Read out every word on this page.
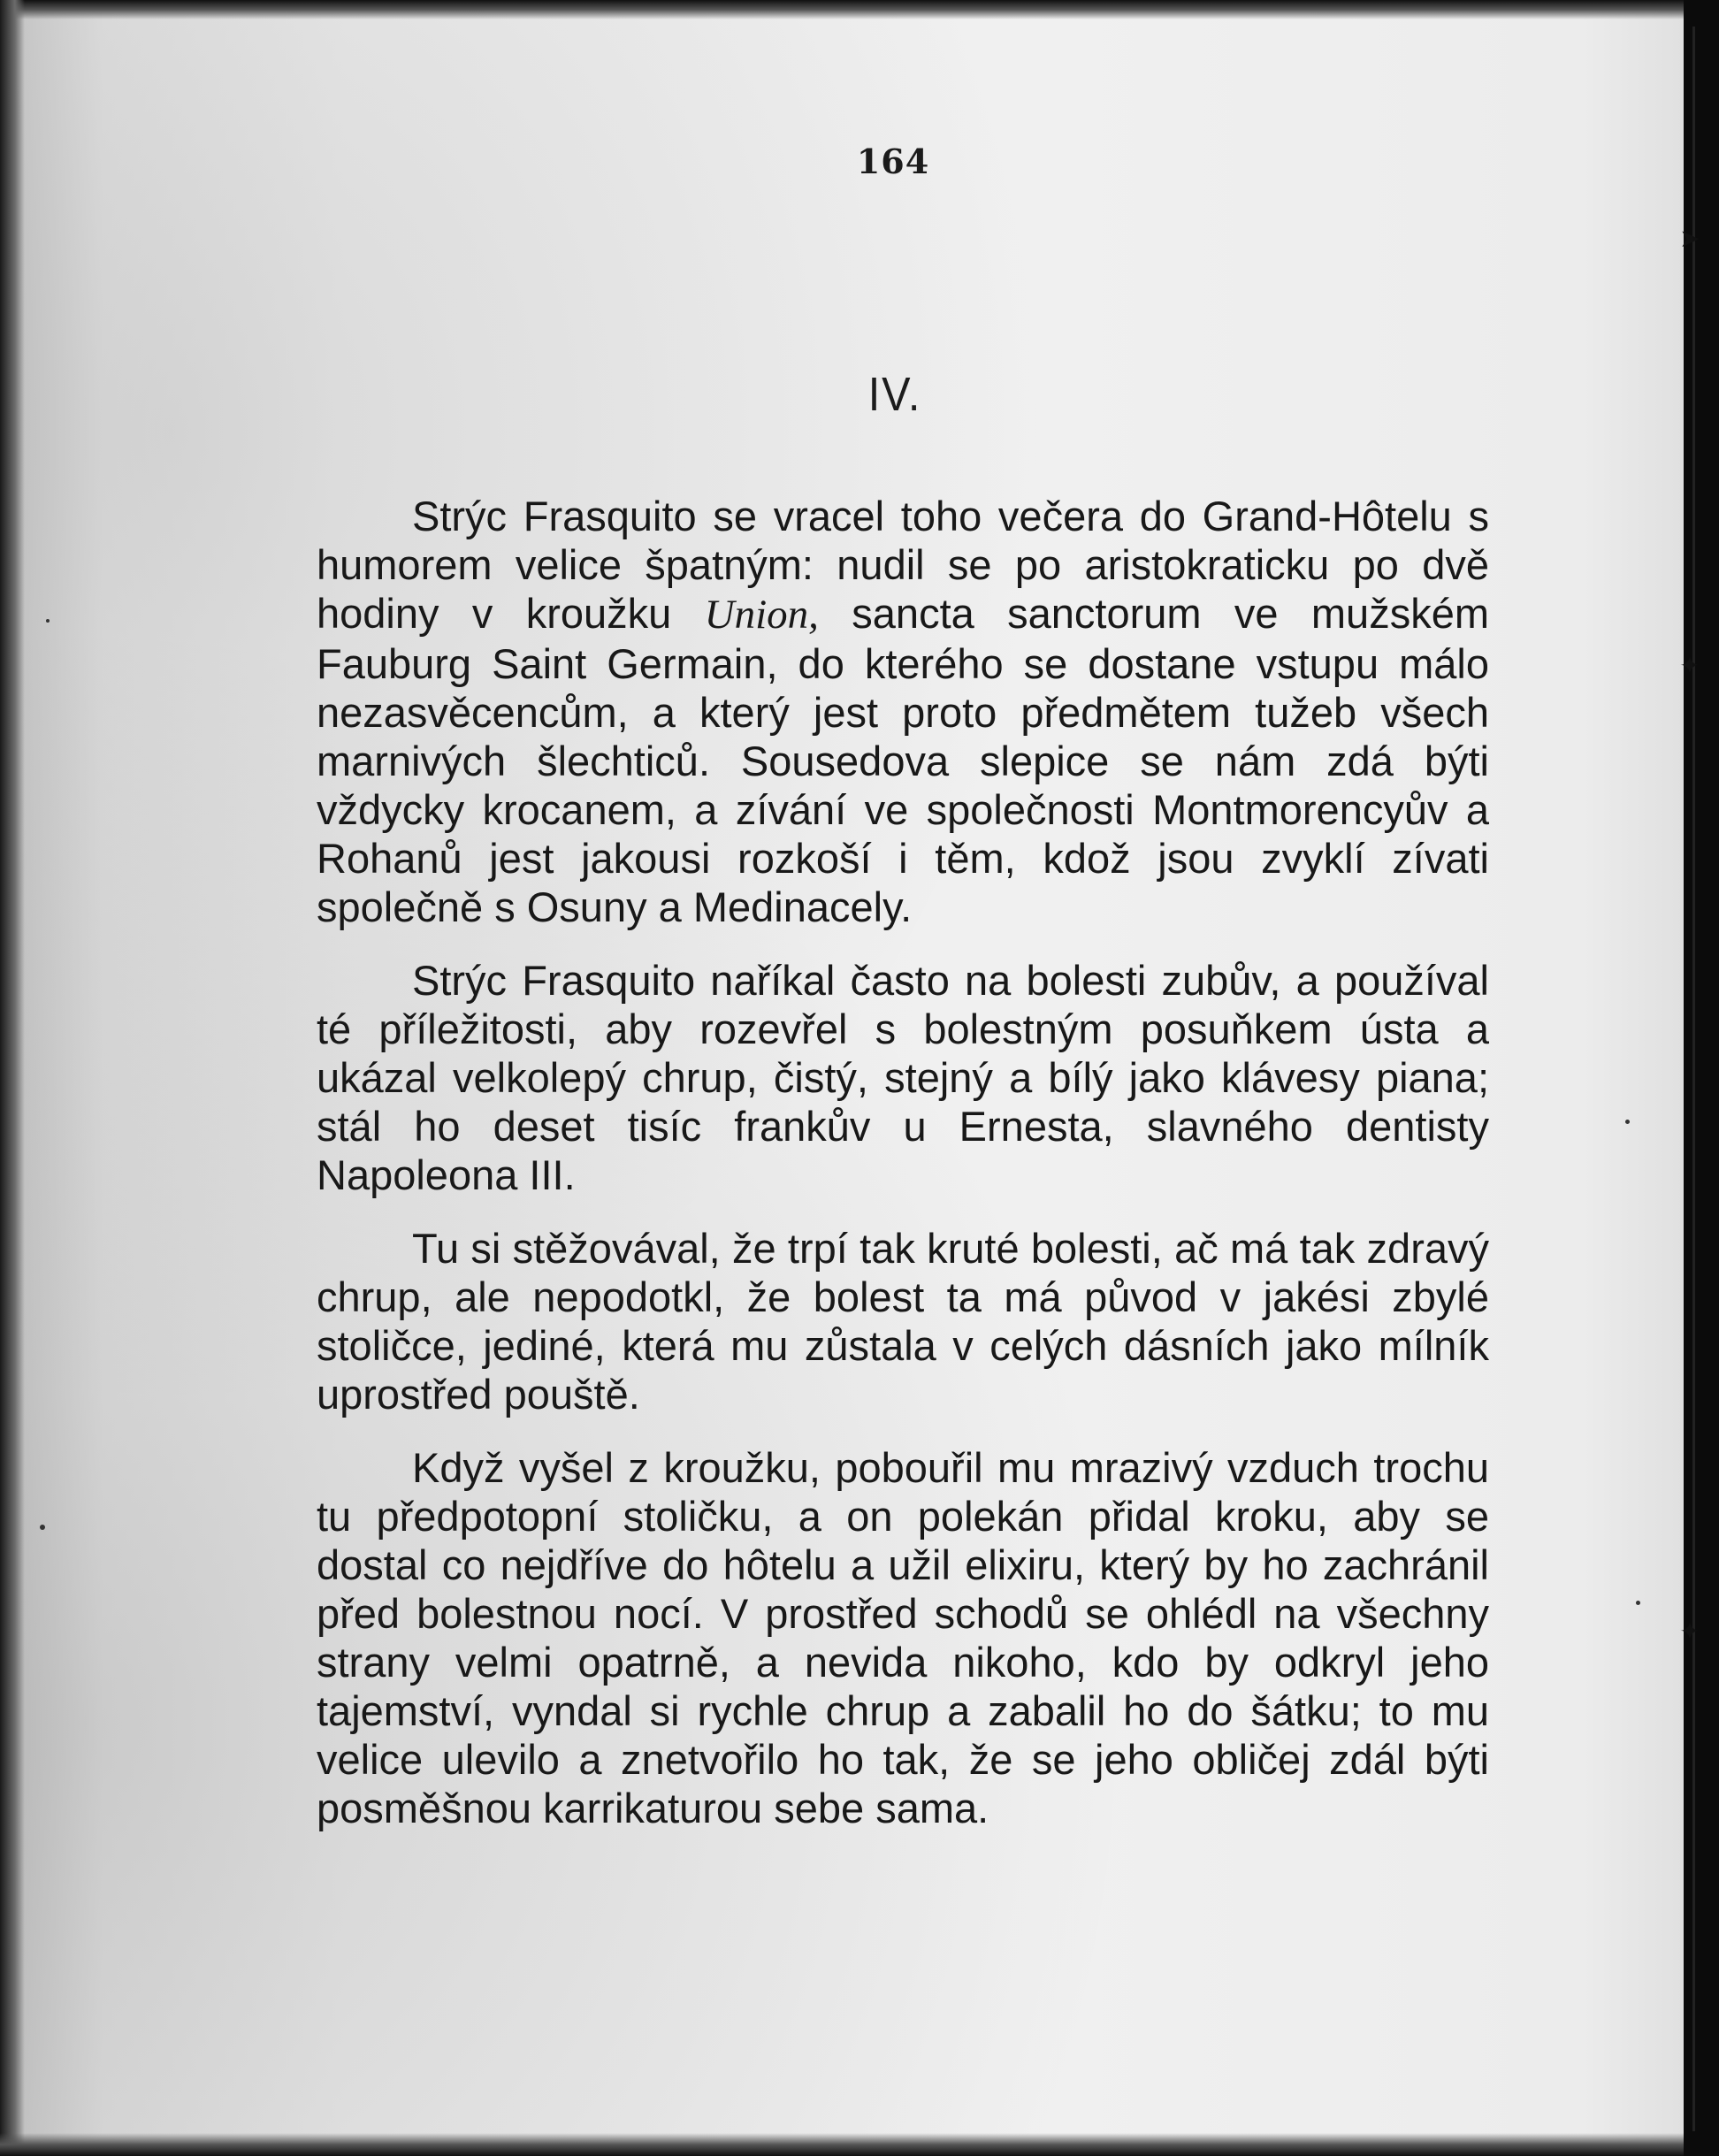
➤
✦
✦
164
IV.

Strýc Frasquito se vracel toho večera do Grand-Hôtelu s humorem velice špatným: nudil se po aristokraticku po dvě hodiny v kroužku Union, sancta sanctorum ve mužském Fauburg Saint Germain, do kterého se dostane vstupu málo nezasvěcencům, a který jest proto předmětem tužeb všech marnivých šlechticů. Sousedova slepice se nám zdá býti vždycky krocanem, a zívání ve společnosti Montmorencyův a Rohanů jest jakousi rozkoší i těm, kdož jsou zvyklí zívati společně s Osuny a Medinacely.

Strýc Frasquito naříkal často na bolesti zubův, a používal té příležitosti, aby rozevřel s bolestným posuňkem ústa a ukázal velkolepý chrup, čistý, stejný a bílý jako klávesy piana; stál ho deset tisíc frankův u Ernesta, slavného dentisty Napoleona III.

Tu si stěžovával, že trpí tak kruté bolesti, ač má tak zdravý chrup, ale nepodotkl, že bolest ta má původ v jakési zbylé stoličce, jediné, která mu zůstala v celých dásních jako mílník uprostřed pouště.

Když vyšel z kroužku, pobouřil mu mrazivý vzduch trochu tu předpotopní stoličku, a on polekán přidal kroku, aby se dostal co nejdříve do hôtelu a užil elixiru, který by ho zachránil před bolestnou nocí. V prostřed schodů se ohlédl na všechny strany velmi opatrně, a nevida nikoho, kdo by odkryl jeho tajemství, vyndal si rychle chrup a zabalil ho do šátku; to mu velice ulevilo a znetvořilo ho tak, že se jeho obličej zdál býti posměšnou karrikaturou sebe sama.
